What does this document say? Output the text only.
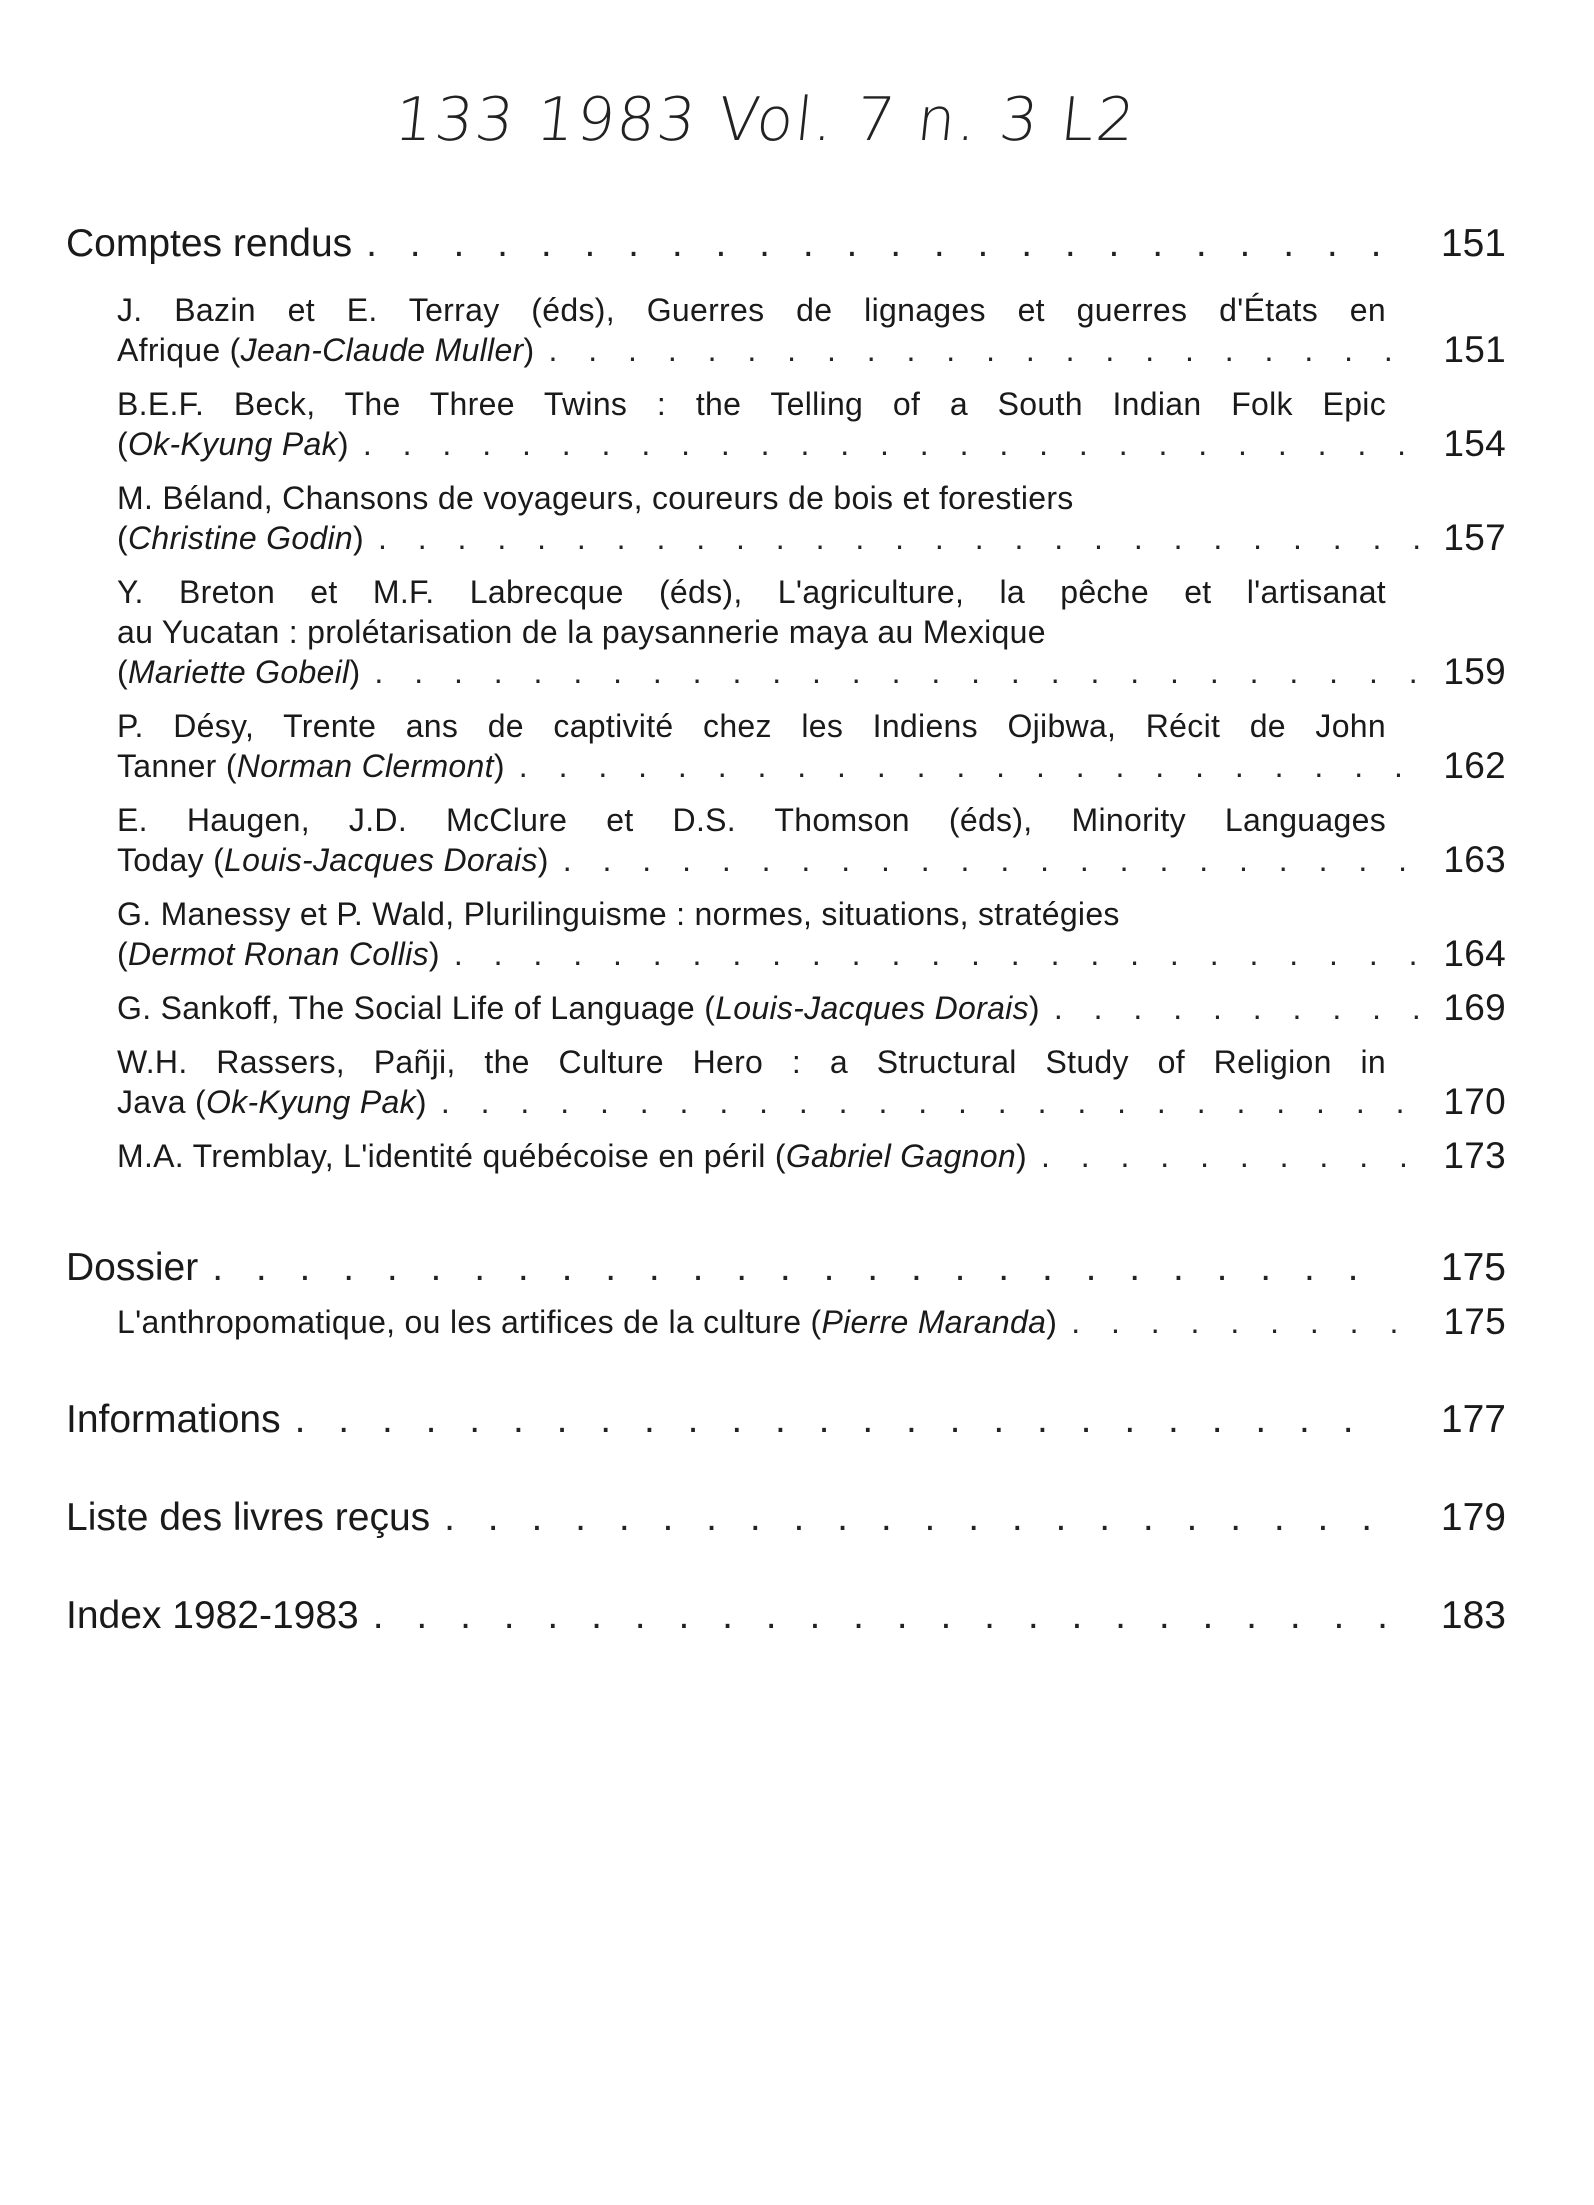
133 1983 Vol. 7 n. 3 L2
Comptes rendus . . .	151
J. Bazin et E. Terray (éds), Guerres de lignages et guerres d'États en
Afrique (Jean-Claude Muller) . . .	151
B.E.F. Beck, The Three Twins : the Telling of a South Indian Folk Epic
(Ok-Kyung Pak) . . .	154
M. Béland, Chansons de voyageurs, coureurs de bois et forestiers
(Christine Godin) . . .	157
Y. Breton et M.F. Labrecque (éds), L'agriculture, la pêche et l'artisanat
au Yucatan : prolétarisation de la paysannerie maya au Mexique
(Mariette Gobeil) . . .	159
P. Désy, Trente ans de captivité chez les Indiens Ojibwa, Récit de John
Tanner (Norman Clermont) . . .	162
E. Haugen, J.D. McClure et D.S. Thomson (éds), Minority Languages
Today (Louis-Jacques Dorais) . . .	163
G. Manessy et P. Wald, Plurilinguisme : normes, situations, stratégies
(Dermot Ronan Collis) . . .	164
G. Sankoff, The Social Life of Language (Louis-Jacques Dorais) . . .	169
W.H. Rassers, Pañji, the Culture Hero : a Structural Study of Religion in
Java (Ok-Kyung Pak) . . .	170
M.A. Tremblay, L'identité québécoise en péril (Gabriel Gagnon) . . .	173
Dossier . . .	175
L'anthropomatique, ou les artifices de la culture (Pierre Maranda) . . .	175
Informations . . .	177
Liste des livres reçus . . .	179
Index 1982-1983 . . .	183
